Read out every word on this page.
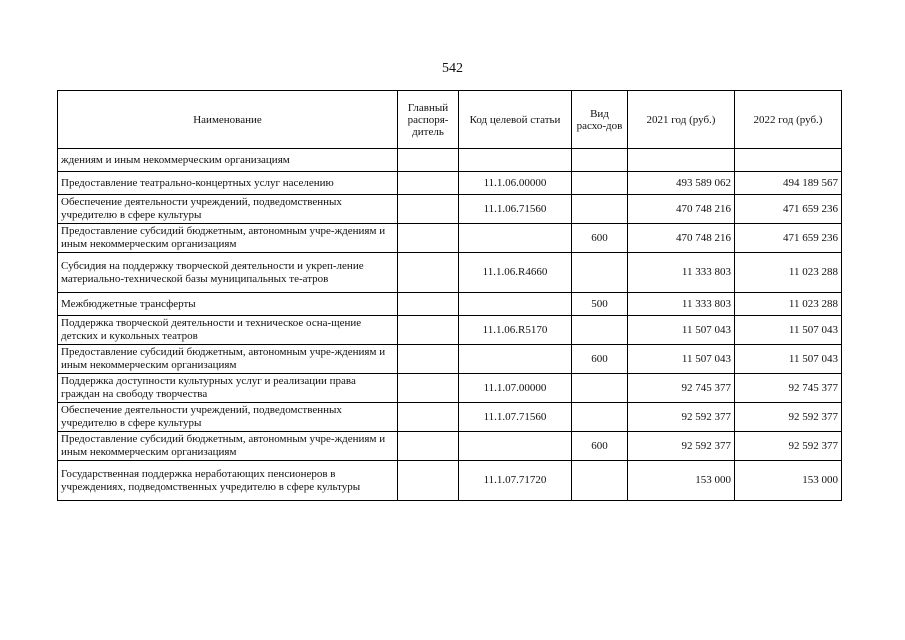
542
Наименование	Главный распоря-дитель	Код целевой статьи	Вид расхо-дов	2021 год (руб.)	2022 год (руб.)
ждениям и иным некоммерческим организациям					
Предоставление театрально-концертных услуг населению		11.1.06.00000		493 589 062	494 189 567
Обеспечение деятельности учреждений, подведомственных учредителю в сфере культуры		11.1.06.71560		470 748 216	471 659 236
Предоставление субсидий бюджетным, автономным учре-ждениям и иным некоммерческим организациям			600	470 748 216	471 659 236
Субсидия на поддержку творческой деятельности и укреп-ление материально-технической базы муниципальных те-атров		11.1.06.R4660		11 333 803	11 023 288
Межбюджетные трансферты			500	11 333 803	11 023 288
Поддержка творческой деятельности и техническое осна-щение детских и кукольных театров		11.1.06.R5170		11 507 043	11 507 043
Предоставление субсидий бюджетным, автономным учре-ждениям и иным некоммерческим организациям			600	11 507 043	11 507 043
Поддержка доступности культурных услуг и реализации права граждан на свободу творчества		11.1.07.00000		92 745 377	92 745 377
Обеспечение деятельности учреждений, подведомственных учредителю в сфере культуры		11.1.07.71560		92 592 377	92 592 377
Предоставление субсидий бюджетным, автономным учре-ждениям и иным некоммерческим организациям			600	92 592 377	92 592 377
Государственная поддержка неработающих пенсионеров в учреждениях, подведомственных учредителю в сфере культуры		11.1.07.71720		153 000	153 000
